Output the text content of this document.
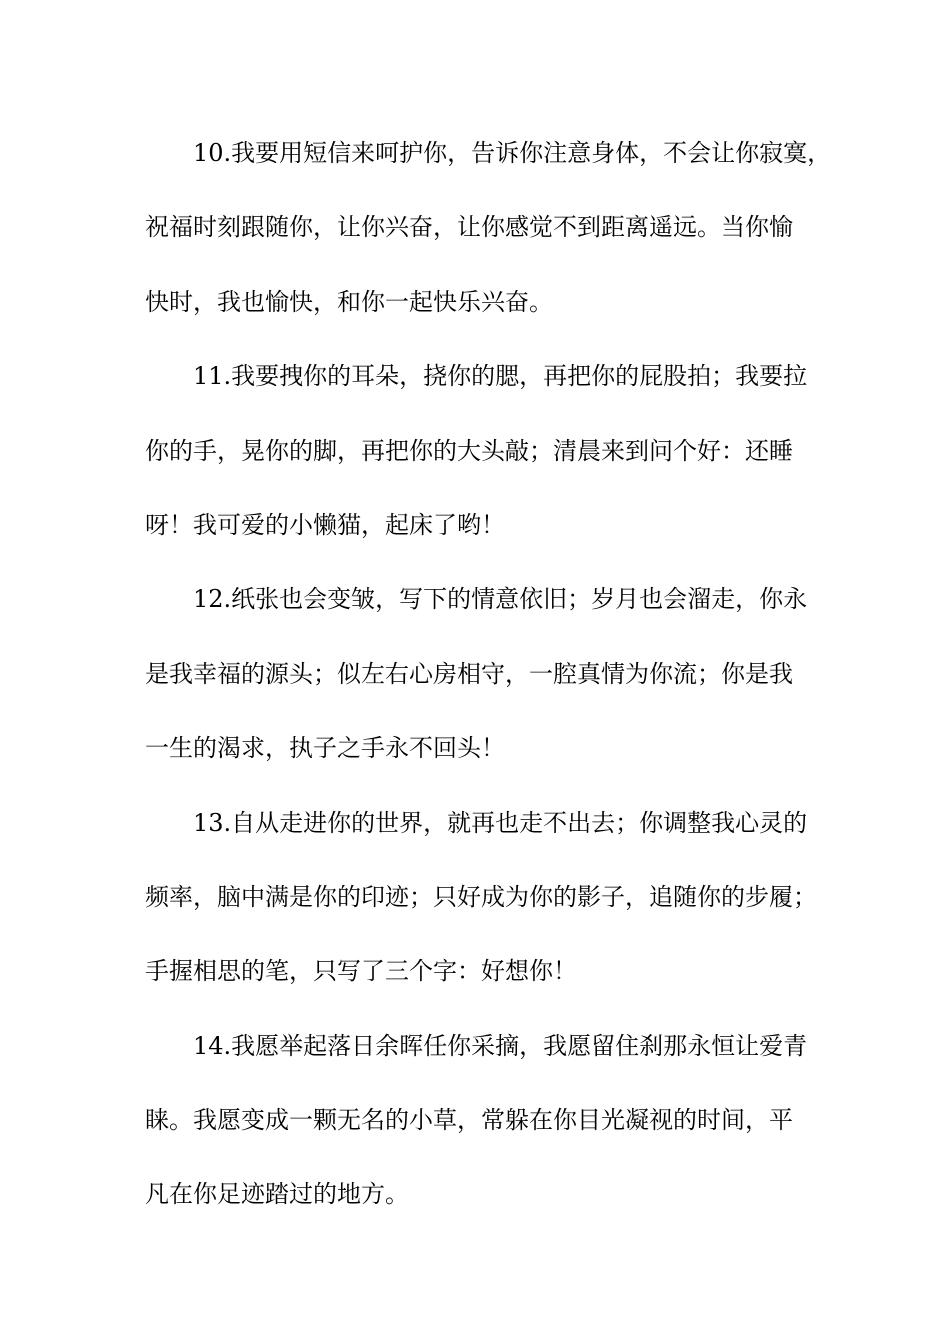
10.我要用短信来呵护你，告诉你注意身体，不会让你寂寞，
祝福时刻跟随你，让你兴奋，让你感觉不到距离遥远。当你愉
快时，我也愉快，和你一起快乐兴奋。

11.我要拽你的耳朵，挠你的腮，再把你的屁股拍；我要拉
你的手，晃你的脚，再把你的大头敲；清晨来到问个好：还睡
呀！我可爱的小懒猫，起床了哟！

12.纸张也会变皱，写下的情意依旧；岁月也会溜走，你永
是我幸福的源头；似左右心房相守，一腔真情为你流；你是我
一生的渴求，执子之手永不回头！

13.自从走进你的世界，就再也走不出去；你调整我心灵的
频率，脑中满是你的印迹；只好成为你的影子，追随你的步履；
手握相思的笔，只写了三个字：好想你！

14.我愿举起落日余晖任你采摘，我愿留住刹那永恒让爱青
睐。我愿变成一颗无名的小草，常躲在你目光凝视的时间，平
凡在你足迹踏过的地方。
